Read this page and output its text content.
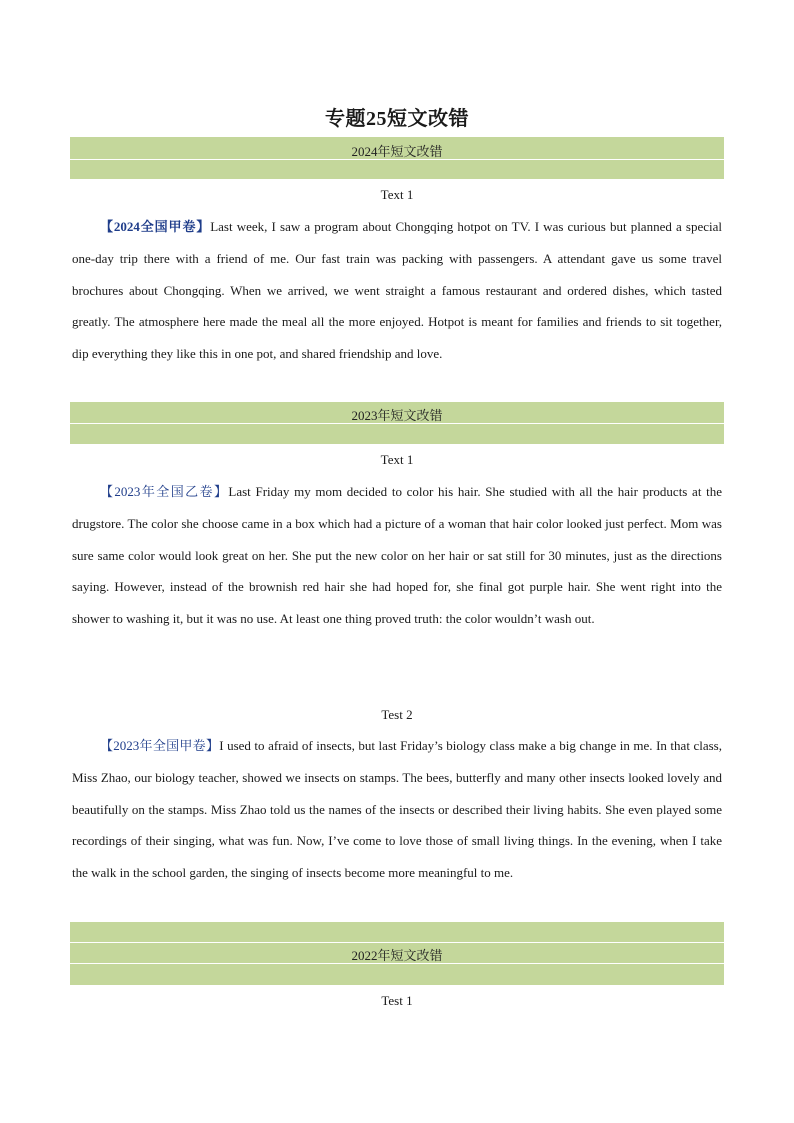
专题25短文改错
2024年短文改错
Text 1

【2024全国甲卷】Last week, I saw a program about Chongqing hotpot on TV. I was curious but planned a special one-day trip there with a friend of me. Our fast train was packing with passengers. A attendant gave us some travel brochures about Chongqing. When we arrived, we went straight a famous restaurant and ordered dishes, which tasted greatly. The atmosphere here made the meal all the more enjoyed. Hotpot is meant for families and friends to sit together, dip everything they like this in one pot, and shared friendship and love.

2023年短文改错
Text 1

【2023年全国乙卷】Last Friday my mom decided to color his hair. She studied with all the hair products at the drugstore. The color she choose came in a box which had a picture of a woman that hair color looked just perfect. Mom was sure same color would look great on her. She put the new color on her hair or sat still for 30 minutes, just as the directions saying. However, instead of the brownish red hair she had hoped for, she final got purple hair. She went right into the shower to washing it, but it was no use. At least one thing proved truth: the color wouldn’t wash out.

Test 2

【2023年全国甲卷】I used to afraid of insects, but last Friday’s biology class make a big change in me. In that class, Miss Zhao, our biology teacher, showed we insects on stamps. The bees, butterfly and many other insects looked lovely and beautifully on the stamps. Miss Zhao told us the names of the insects or described their living habits. She even played some recordings of their singing, what was fun. Now, I’ve come to love those of small living things. In the evening, when I take the walk in the school garden, the singing of insects become more meaningful to me.

2022年短文改错
Test 1
